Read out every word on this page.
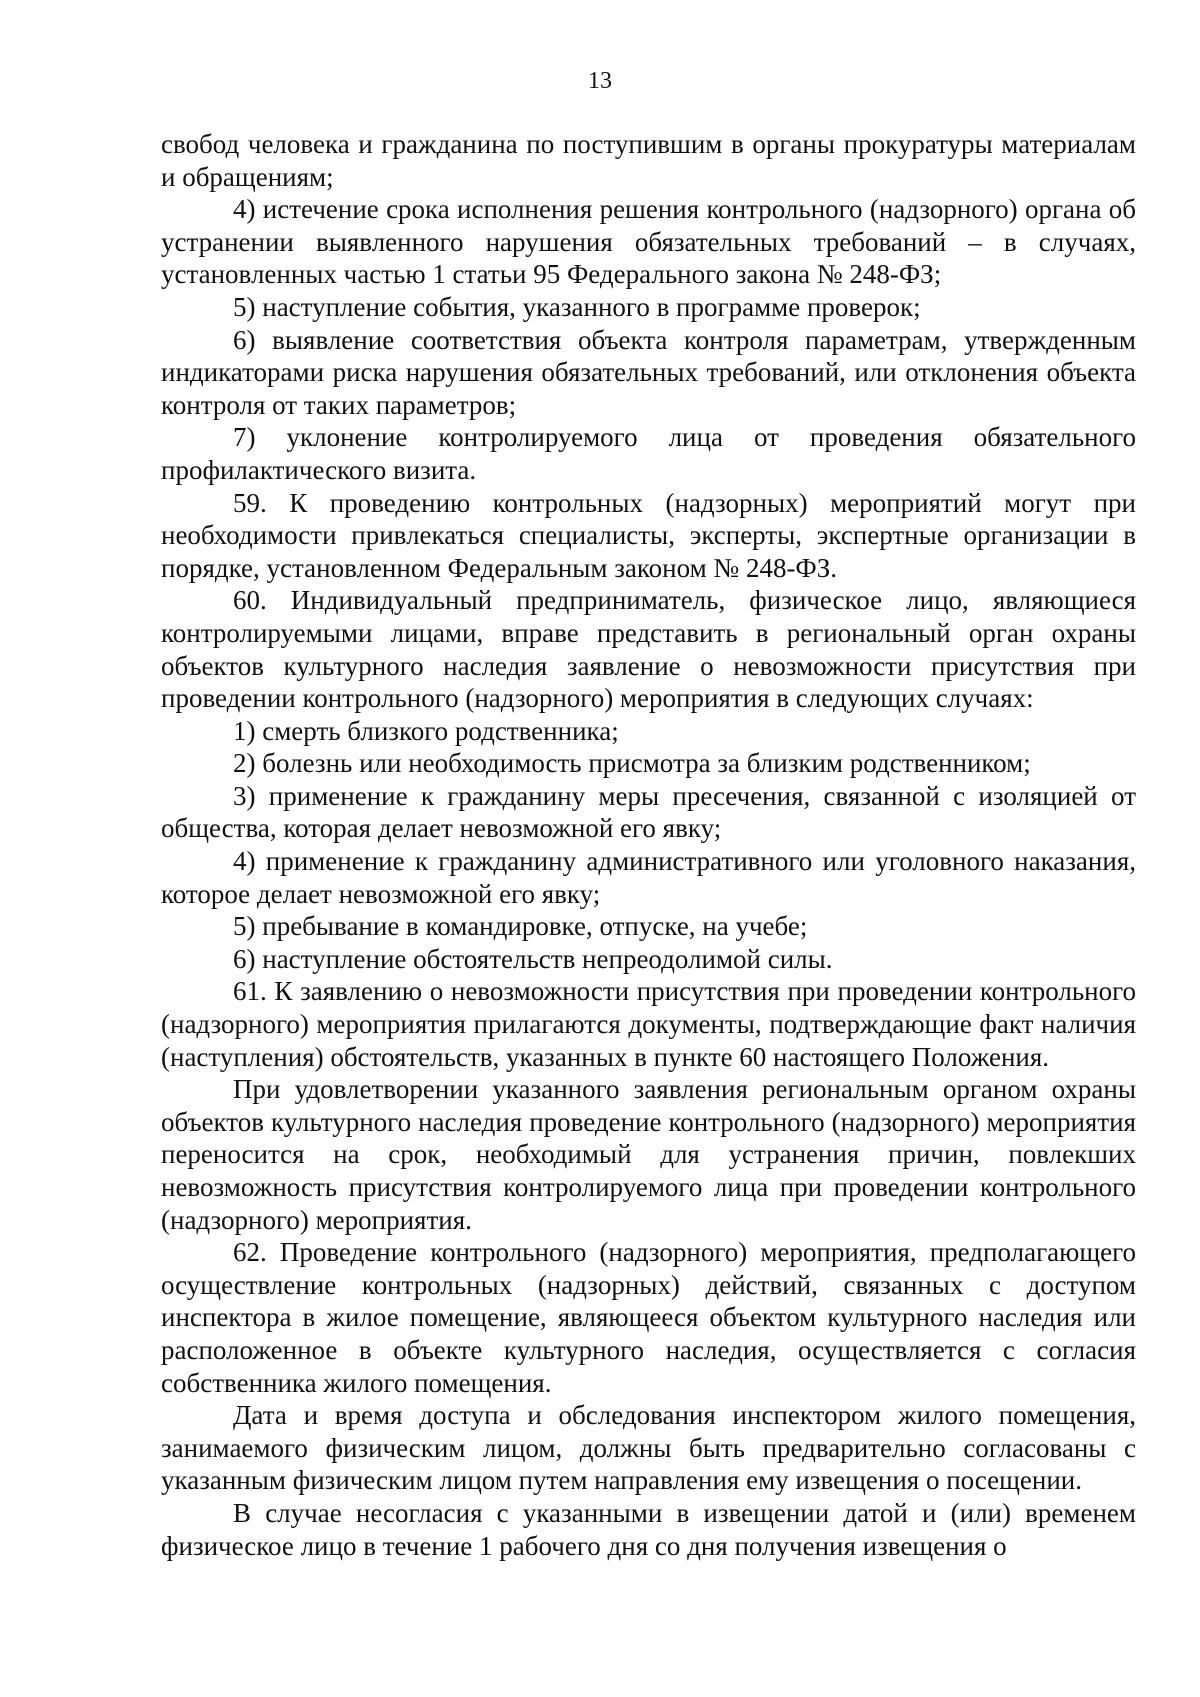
13

свобод человека и гражданина по поступившим в органы прокуратуры материалам и обращениям;

4) истечение срока исполнения решения контрольного (надзорного) органа об устранении выявленного нарушения обязательных требований – в случаях, установленных частью 1 статьи 95 Федерального закона № 248-ФЗ;

5) наступление события, указанного в программе проверок;

6) выявление соответствия объекта контроля параметрам, утвержденным индикаторами риска нарушения обязательных требований, или отклонения объекта контроля от таких параметров;

7) уклонение контролируемого лица от проведения обязательного профилактического визита.

59. К проведению контрольных (надзорных) мероприятий могут при необходимости привлекаться специалисты, эксперты, экспертные организации в порядке, установленном Федеральным законом № 248-ФЗ.

60. Индивидуальный предприниматель, физическое лицо, являющиеся контролируемыми лицами, вправе представить в региональный орган охраны объектов культурного наследия заявление о невозможности присутствия при проведении контрольного (надзорного) мероприятия в следующих случаях:

1) смерть близкого родственника;

2) болезнь или необходимость присмотра за близким родственником;

3) применение к гражданину меры пресечения, связанной с изоляцией от общества, которая делает невозможной его явку;

4) применение к гражданину административного или уголовного наказания, которое делает невозможной его явку;

5) пребывание в командировке, отпуске, на учебе;

6) наступление обстоятельств непреодолимой силы.

61. К заявлению о невозможности присутствия при проведении контрольного (надзорного) мероприятия прилагаются документы, подтверждающие факт наличия (наступления) обстоятельств, указанных в пункте 60 настоящего Положения.

При удовлетворении указанного заявления региональным органом охраны объектов культурного наследия проведение контрольного (надзорного) мероприятия переносится на срок, необходимый для устранения причин, повлекших невозможность присутствия контролируемого лица при проведении контрольного (надзорного) мероприятия.

62. Проведение контрольного (надзорного) мероприятия, предполагающего осуществление контрольных (надзорных) действий, связанных с доступом инспектора в жилое помещение, являющееся объектом культурного наследия или расположенное в объекте культурного наследия, осуществляется с согласия собственника жилого помещения.

Дата и время доступа и обследования инспектором жилого помещения, занимаемого физическим лицом, должны быть предварительно согласованы с указанным физическим лицом путем направления ему извещения о посещении.

В случае несогласия с указанными в извещении датой и (или) временем физическое лицо в течение 1 рабочего дня со дня получения извещения о
